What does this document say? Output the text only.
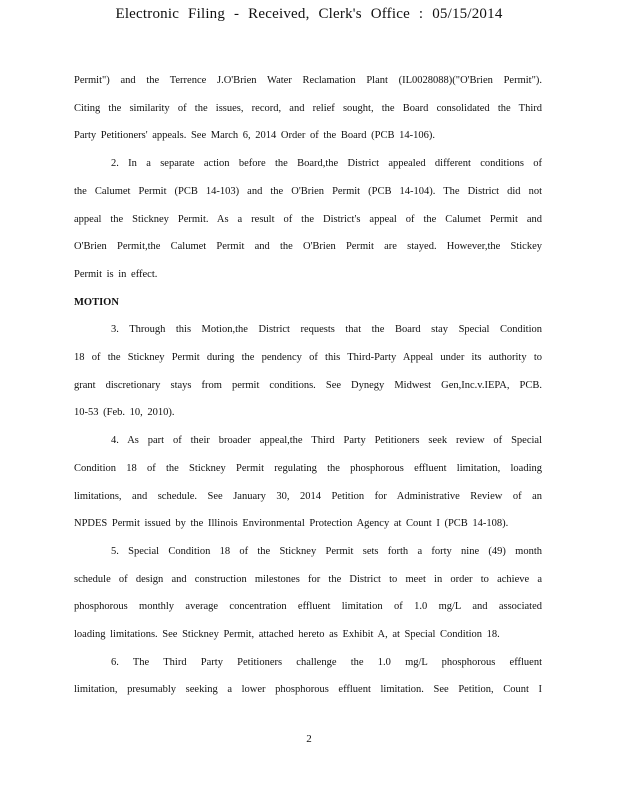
Electronic Filing - Received, Clerk's Office : 05/15/2014
Permit") and the Terrence J.O'Brien Water Reclamation Plant (IL0028088)("O'Brien Permit").
Citing the similarity of the issues, record, and relief sought, the Board consolidated the Third
Party Petitioners' appeals. See March 6, 2014 Order of the Board (PCB 14-106).
2. In a separate action before the Board,the District appealed different conditions of
the Calumet Permit (PCB 14-103) and the O'Brien Permit (PCB 14-104). The District did not
appeal the Stickney Permit. As a result of the District's appeal of the Calumet Permit and
O'Brien Permit,the Calumet Permit and the O'Brien Permit are stayed. However,the Stickey
Permit is in effect.
MOTION
3. Through this Motion,the District requests that the Board stay Special Condition
18 of the Stickney Permit during the pendency of this Third-Party Appeal under its authority to
grant discretionary stays from permit conditions. See Dynegy Midwest Gen,Inc.v.IEPA, PCB.
10-53 (Feb. 10, 2010).
4. As part of their broader appeal,the Third Party Petitioners seek review of Special
Condition 18 of the Stickney Permit regulating the phosphorous effluent limitation, loading
limitations, and schedule. See January 30, 2014 Petition for Administrative Review of an
NPDES Permit issued by the Illinois Environmental Protection Agency at Count I (PCB 14-108).
5. Special Condition 18 of the Stickney Permit sets forth a forty nine (49) month
schedule of design and construction milestones for the District to meet in order to achieve a
phosphorous monthly average concentration effluent limitation of 1.0 mg/L and associated
loading limitations. See Stickney Permit, attached hereto as Exhibit A, at Special Condition 18.
6. The Third Party Petitioners challenge the 1.0 mg/L phosphorous effluent
limitation, presumably seeking a lower phosphorous effluent limitation. See Petition, Count I
2
